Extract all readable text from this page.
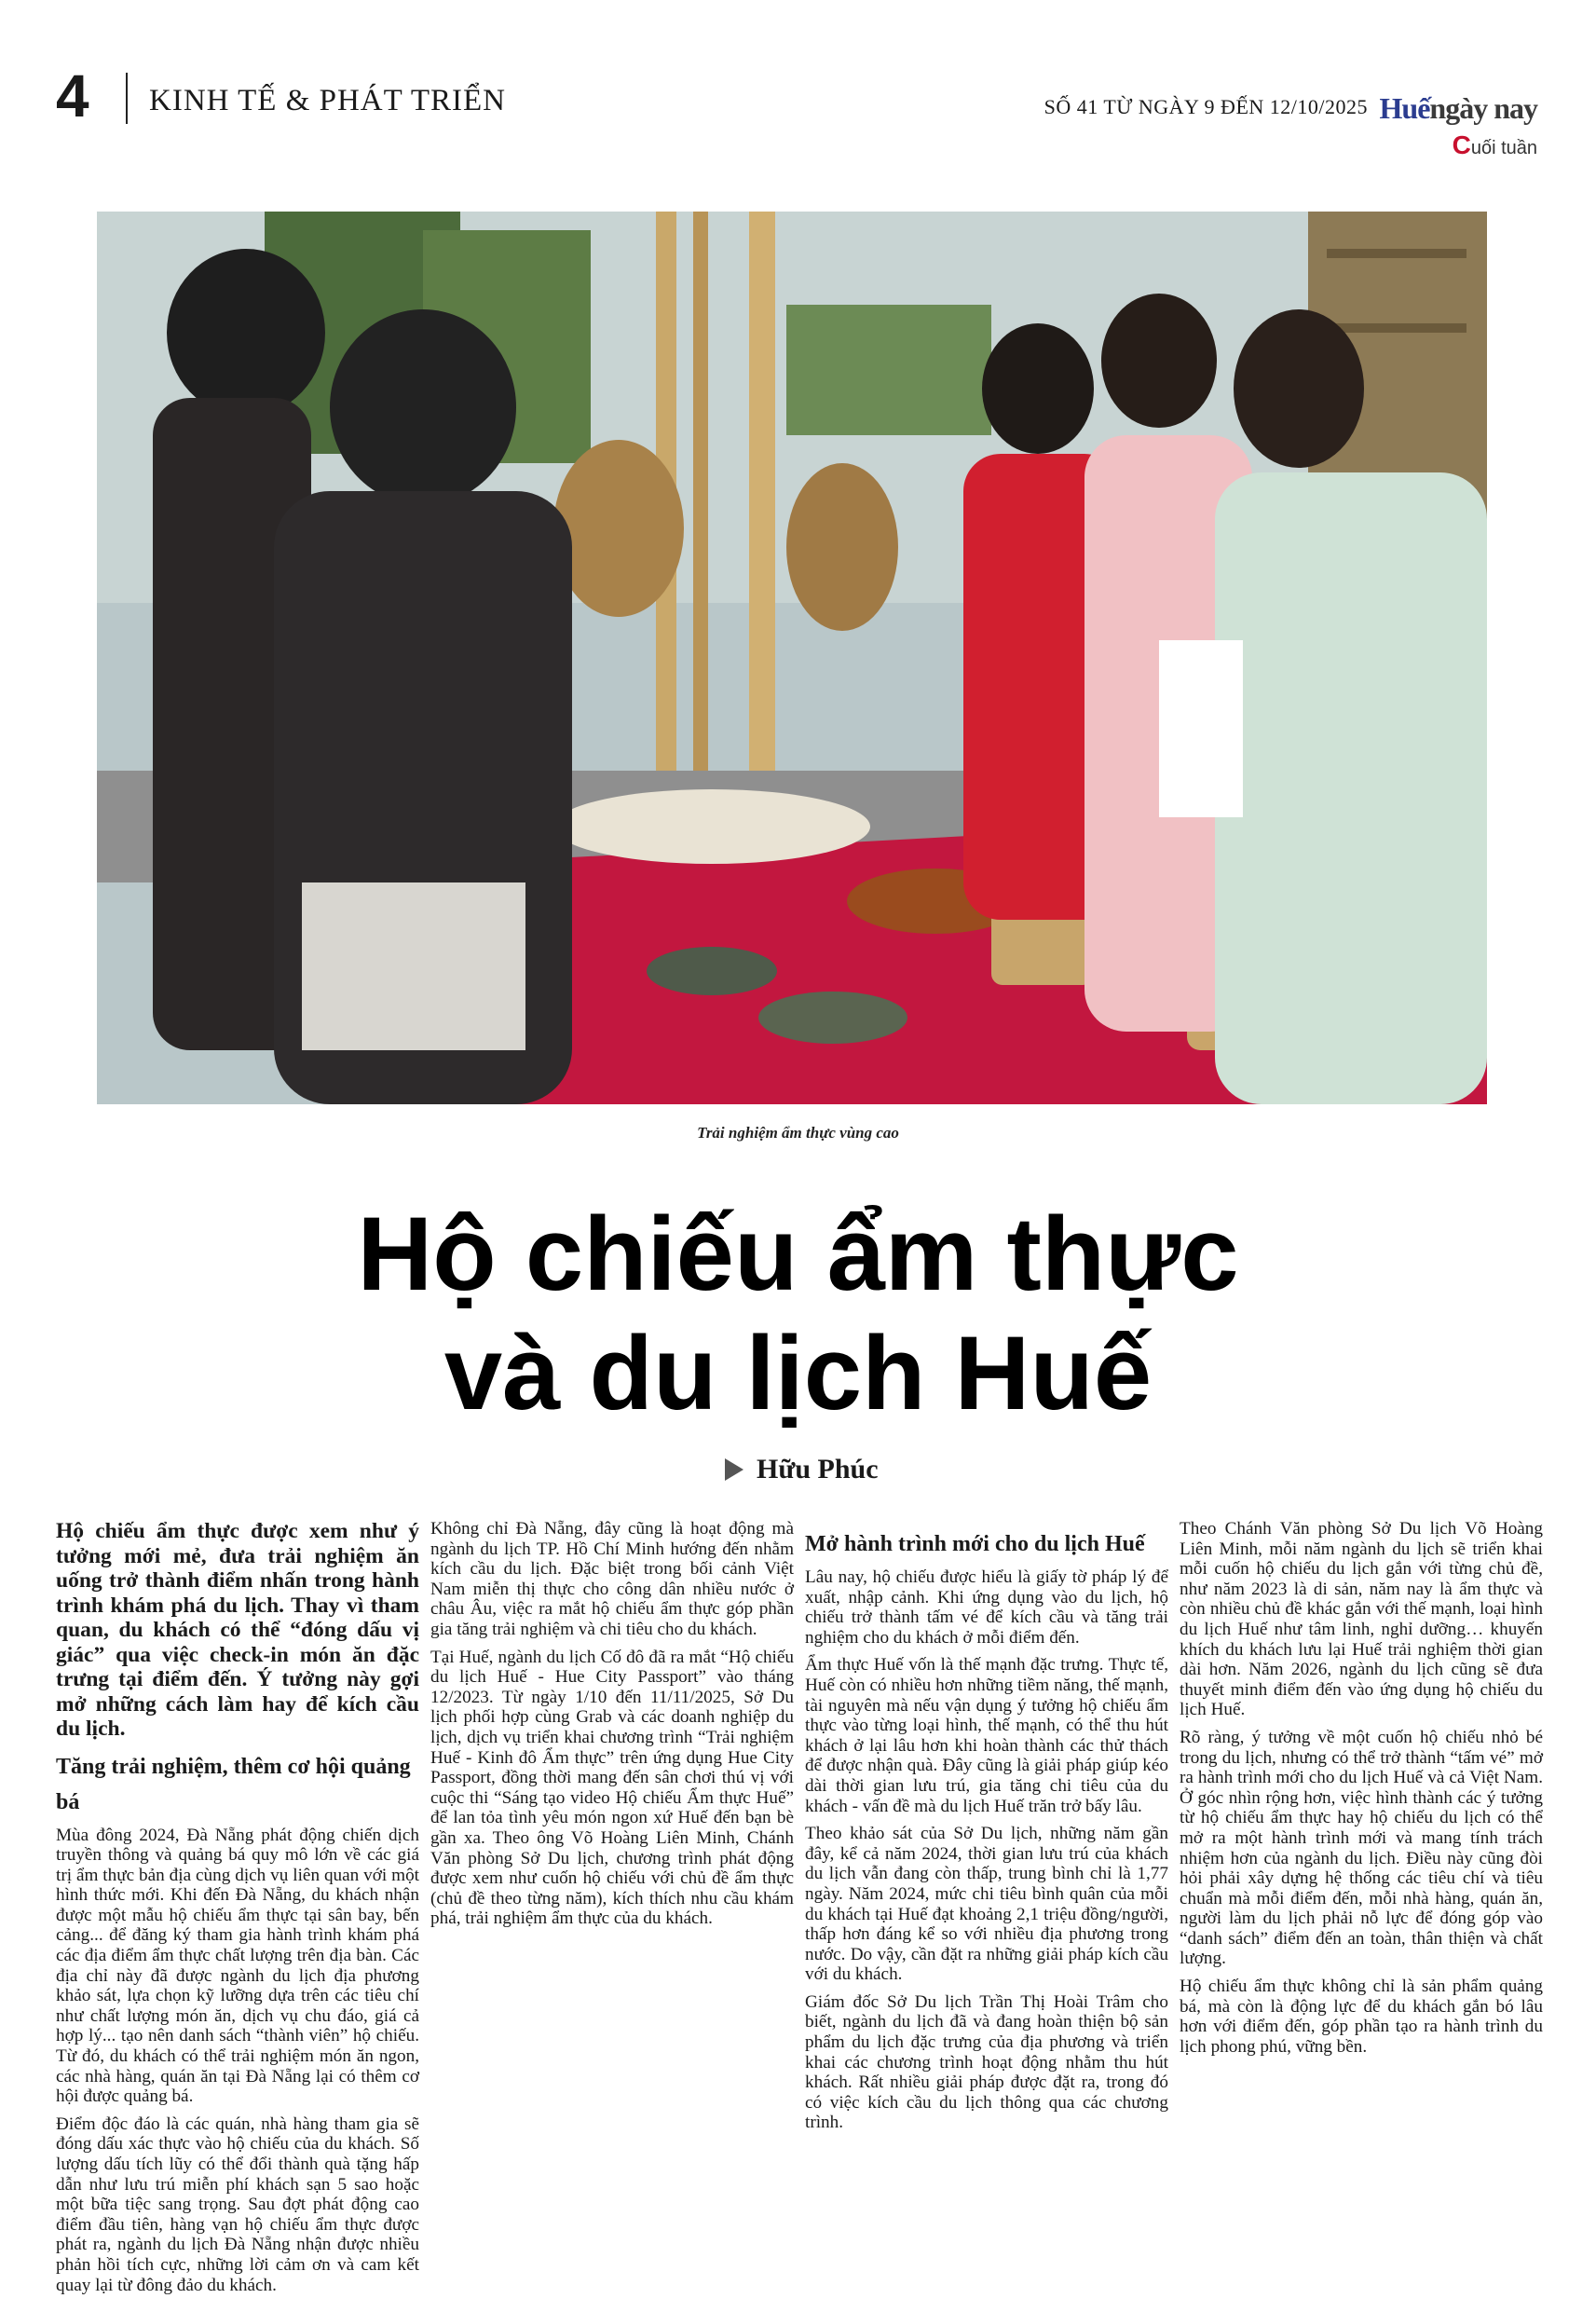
4 KINH TẾ & PHÁT TRIỂN	SỐ 41 TỪ NGÀY 9 ĐẾN 12/10/2025 Huếngày nay
Cuối tuần
Trải nghiệm ẩm thực vùng cao
Hộ chiếu ẩm thực
và du lịch Huế
Hữu Phúc

Hộ chiếu ẩm thực được xem như ý tưởng mới mẻ, đưa trải nghiệm ăn uống trở thành điểm nhấn trong hành trình khám phá du lịch. Thay vì tham quan, du khách có thể “đóng dấu vị giác” qua việc check-in món ăn đặc trưng tại điểm đến. Ý tưởng này gợi mở những cách làm hay để kích cầu du lịch.

Tăng trải nghiệm, thêm cơ hội quảng bá

Mùa đông 2024, Đà Nẵng phát động chiến dịch truyền thông và quảng bá quy mô lớn về các giá trị ẩm thực bản địa cùng dịch vụ liên quan với một hình thức mới. Khi đến Đà Nẵng, du khách nhận được một mẫu hộ chiếu ẩm thực tại sân bay, bến cảng... để đăng ký tham gia hành trình khám phá các địa điểm ẩm thực chất lượng trên địa bàn. Các địa chỉ này đã được ngành du lịch địa phương khảo sát, lựa chọn kỹ lưỡng dựa trên các tiêu chí như chất lượng món ăn, dịch vụ chu đáo, giá cả hợp lý... tạo nên danh sách “thành viên” hộ chiếu. Từ đó, du khách có thể trải nghiệm món ăn ngon, các nhà hàng, quán ăn tại Đà Nẵng lại có thêm cơ hội được quảng bá.

Điểm độc đáo là các quán, nhà hàng tham gia sẽ đóng dấu xác thực vào hộ chiếu của du khách. Số lượng dấu tích lũy có thể đổi thành quà tặng hấp dẫn như lưu trú miễn phí khách sạn 5 sao hoặc một bữa tiệc sang trọng. Sau đợt phát động cao điểm đầu tiên, hàng vạn hộ chiếu ẩm thực được phát ra, ngành du lịch Đà Nẵng nhận được nhiều phản hồi tích cực, những lời cảm ơn và cam kết quay lại từ đông đảo du khách.

Không chỉ Đà Nẵng, đây cũng là hoạt động mà ngành du lịch TP. Hồ Chí Minh hướng đến nhằm kích cầu du lịch. Đặc biệt trong bối cảnh Việt Nam miễn thị thực cho công dân nhiều nước ở châu Âu, việc ra mắt hộ chiếu ẩm thực góp phần gia tăng trải nghiệm và chi tiêu cho du khách.

Tại Huế, ngành du lịch Cố đô đã ra mắt “Hộ chiếu du lịch Huế - Hue City Passport” vào tháng 12/2023. Từ ngày 1/10 đến 11/11/2025, Sở Du lịch phối hợp cùng Grab và các doanh nghiệp du lịch, dịch vụ triển khai chương trình “Trải nghiệm Huế - Kinh đô Ẩm thực” trên ứng dụng Hue City Passport, đồng thời mang đến sân chơi thú vị với cuộc thi “Sáng tạo video Hộ chiếu Ẩm thực Huế” để lan tỏa tình yêu món ngon xứ Huế đến bạn bè gần xa. Theo ông Võ Hoàng Liên Minh, Chánh Văn phòng Sở Du lịch, chương trình phát động được xem như cuốn hộ chiếu với chủ đề ẩm thực (chủ đề theo từng năm), kích thích nhu cầu khám phá, trải nghiệm ẩm thực của du khách.

Mở hành trình mới cho du lịch Huế

Lâu nay, hộ chiếu được hiểu là giấy tờ pháp lý để xuất, nhập cảnh. Khi ứng dụng vào du lịch, hộ chiếu trở thành tấm vé để kích cầu và tăng trải nghiệm cho du khách ở mỗi điểm đến.

Ẩm thực Huế vốn là thế mạnh đặc trưng. Thực tế, Huế còn có nhiều hơn những tiềm năng, thế mạnh, tài nguyên mà nếu vận dụng ý tưởng hộ chiếu ẩm thực vào từng loại hình, thế mạnh, có thể thu hút khách ở lại lâu hơn khi hoàn thành các thử thách để được nhận quà. Đây cũng là giải pháp giúp kéo dài thời gian lưu trú, gia tăng chi tiêu của du khách - vấn đề mà du lịch Huế trăn trở bấy lâu.

Theo khảo sát của Sở Du lịch, những năm gần đây, kể cả năm 2024, thời gian lưu trú của khách du lịch vẫn đang còn thấp, trung bình chỉ là 1,77 ngày. Năm 2024, mức chi tiêu bình quân của mỗi du khách tại Huế đạt khoảng 2,1 triệu đồng/người, thấp hơn đáng kể so với nhiều địa phương trong nước. Do vậy, cần đặt ra những giải pháp kích cầu với du khách.

Giám đốc Sở Du lịch Trần Thị Hoài Trâm cho biết, ngành du lịch đã và đang hoàn thiện bộ sản phẩm du lịch đặc trưng của địa phương và triển khai các chương trình hoạt động nhằm thu hút khách. Rất nhiều giải pháp được đặt ra, trong đó có việc kích cầu du lịch thông qua các chương trình.

Theo Chánh Văn phòng Sở Du lịch Võ Hoàng Liên Minh, mỗi năm ngành du lịch sẽ triển khai mỗi cuốn hộ chiếu du lịch gắn với từng chủ đề, như năm 2023 là di sản, năm nay là ẩm thực và còn nhiều chủ đề khác gắn với thế mạnh, loại hình du lịch Huế như tâm linh, nghỉ dưỡng… khuyến khích du khách lưu lại Huế trải nghiệm thời gian dài hơn. Năm 2026, ngành du lịch cũng sẽ đưa thuyết minh điểm đến vào ứng dụng hộ chiếu du lịch Huế.

Rõ ràng, ý tưởng về một cuốn hộ chiếu nhỏ bé trong du lịch, nhưng có thể trở thành “tấm vé” mở ra hành trình mới cho du lịch Huế và cả Việt Nam. Ở góc nhìn rộng hơn, việc hình thành các ý tưởng từ hộ chiếu ẩm thực hay hộ chiếu du lịch có thể mở ra một hành trình mới và mang tính trách nhiệm hơn của ngành du lịch. Điều này cũng đòi hỏi phải xây dựng hệ thống các tiêu chí và tiêu chuẩn mà mỗi điểm đến, mỗi nhà hàng, quán ăn, người làm du lịch phải nỗ lực để đóng góp vào “danh sách” điểm đến an toàn, thân thiện và chất lượng.

Hộ chiếu ẩm thực không chỉ là sản phẩm quảng bá, mà còn là động lực để du khách gắn bó lâu hơn với điểm đến, góp phần tạo ra hành trình du lịch phong phú, vững bền.
